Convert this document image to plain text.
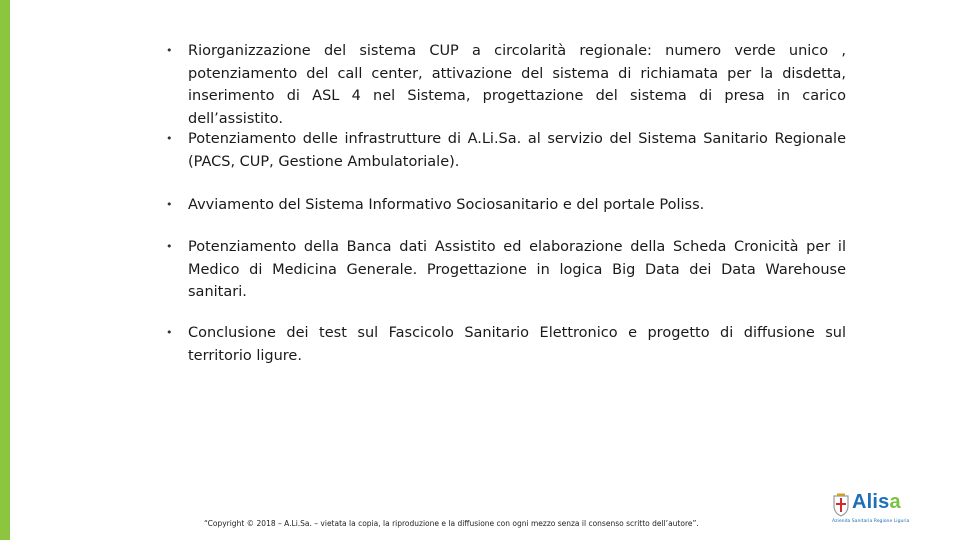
•	Riorganizzazione del sistema CUP a circolarità regionale: numero verde unico , potenziamento del call center, attivazione del sistema di richiamata per la disdetta, inserimento di ASL 4 nel Sistema, progettazione del sistema di presa in carico dell’assistito.
•	Potenziamento delle infrastrutture di A.Li.Sa. al servizio del Sistema Sanitario Regionale (PACS, CUP, Gestione Ambulatoriale).
•	Avviamento del Sistema Informativo Sociosanitario e del portale Poliss.
•	Potenziamento della Banca dati Assistito ed elaborazione della Scheda Cronicità per il Medico di Medicina Generale. Progettazione in logica Big Data dei Data Warehouse sanitari.
•	Conclusione dei test sul Fascicolo Sanitario Elettronico e progetto di diffusione sul territorio ligure.
“Copyright © 2018 – A.Li.Sa. – vietata la copia, la riproduzione e la diffusione con ogni mezzo senza il consenso scritto dell’autore”.
Alisa
Azienda Sanitaria Regione Liguria
